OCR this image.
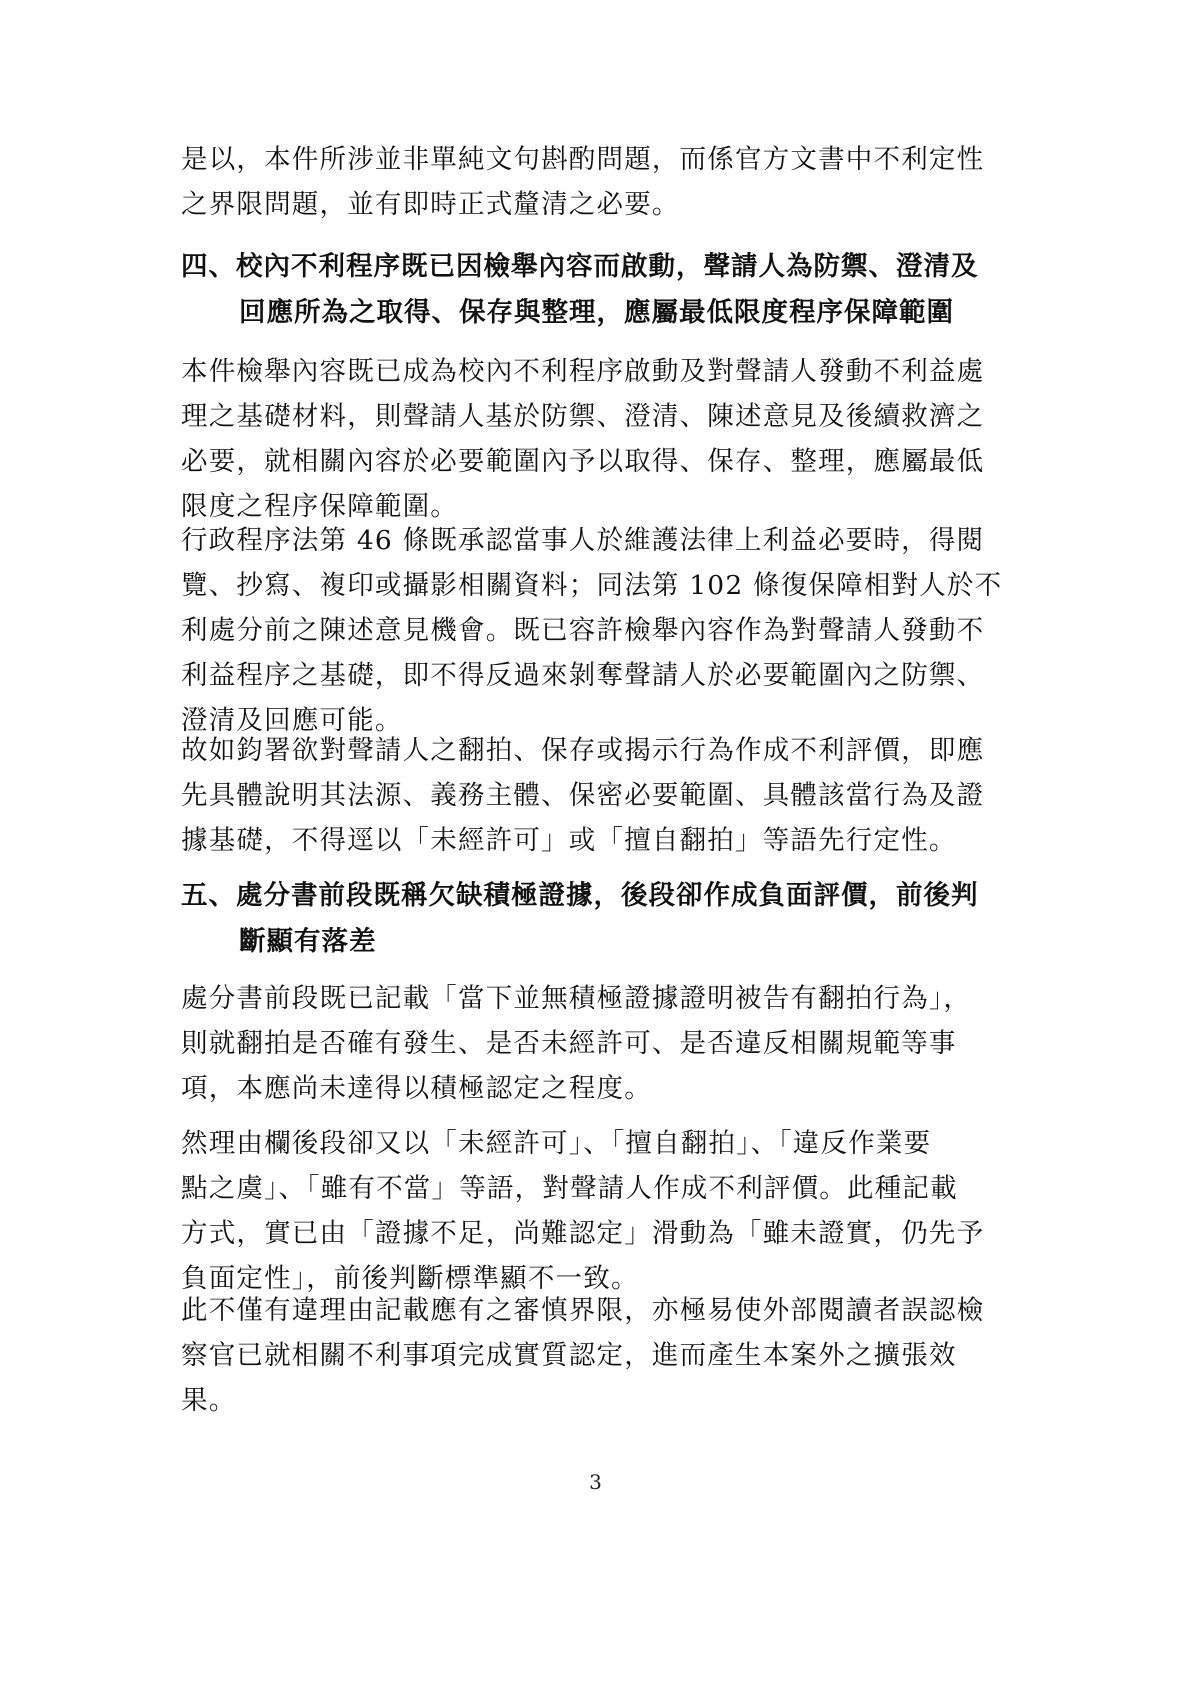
是以，本件所涉並非單純文句斟酌問題，而係官方文書中不利定性
之界限問題，並有即時正式釐清之必要。
四、校內不利程序既已因檢舉內容而啟動，聲請人為防禦、澄清及
回應所為之取得、保存與整理，應屬最低限度程序保障範圍
本件檢舉內容既已成為校內不利程序啟動及對聲請人發動不利益處
理之基礎材料，則聲請人基於防禦、澄清、陳述意見及後續救濟之
必要，就相關內容於必要範圍內予以取得、保存、整理，應屬最低
限度之程序保障範圍。
行政程序法第 46 條既承認當事人於維護法律上利益必要時，得閱
覽、抄寫、複印或攝影相關資料；同法第 102 條復保障相對人於不
利處分前之陳述意見機會。既已容許檢舉內容作為對聲請人發動不
利益程序之基礎，即不得反過來剝奪聲請人於必要範圍內之防禦、
澄清及回應可能。
故如鈞署欲對聲請人之翻拍、保存或揭示行為作成不利評價，即應
先具體說明其法源、義務主體、保密必要範圍、具體該當行為及證
據基礎，不得逕以「未經許可」或「擅自翻拍」等語先行定性。
五、處分書前段既稱欠缺積極證據，後段卻作成負面評價，前後判
斷顯有落差
處分書前段既已記載「當下並無積極證據證明被告有翻拍行為」，
則就翻拍是否確有發生、是否未經許可、是否違反相關規範等事
項，本應尚未達得以積極認定之程度。
然理由欄後段卻又以「未經許可」、「擅自翻拍」、「違反作業要
點之虞」、「雖有不當」等語，對聲請人作成不利評價。此種記載
方式，實已由「證據不足，尚難認定」滑動為「雖未證實，仍先予
負面定性」，前後判斷標準顯不一致。
此不僅有違理由記載應有之審慎界限，亦極易使外部閱讀者誤認檢
察官已就相關不利事項完成實質認定，進而產生本案外之擴張效
果。
3
